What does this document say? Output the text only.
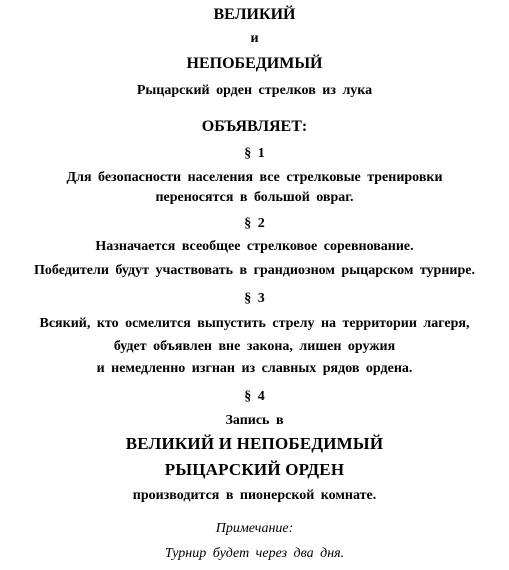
ВЕЛИКИЙ
и
НЕПОБЕДИМЫЙ
Рыцарский орден стрелков из лука
ОБЪЯВЛЯЕТ:
§ 1
Для безопасности населения все стрелковые тренировки
переносятся в большой овраг.
§ 2
Назначается всеобщее стрелковое соревнование.
Победители будут участвовать в грандиозном рыцарском турнире.
§ 3
Всякий, кто осмелится выпустить стрелу на территории лагеря,
будет объявлен вне закона, лишен оружия
и немедленно изгнан из славных рядов ордена.
§ 4
Запись в
ВЕЛИКИЙ И НЕПОБЕДИМЫЙ
РЫЦАРСКИЙ ОРДЕН
производится в пионерской комнате.
Примечание:
Турнир будет через два дня.
